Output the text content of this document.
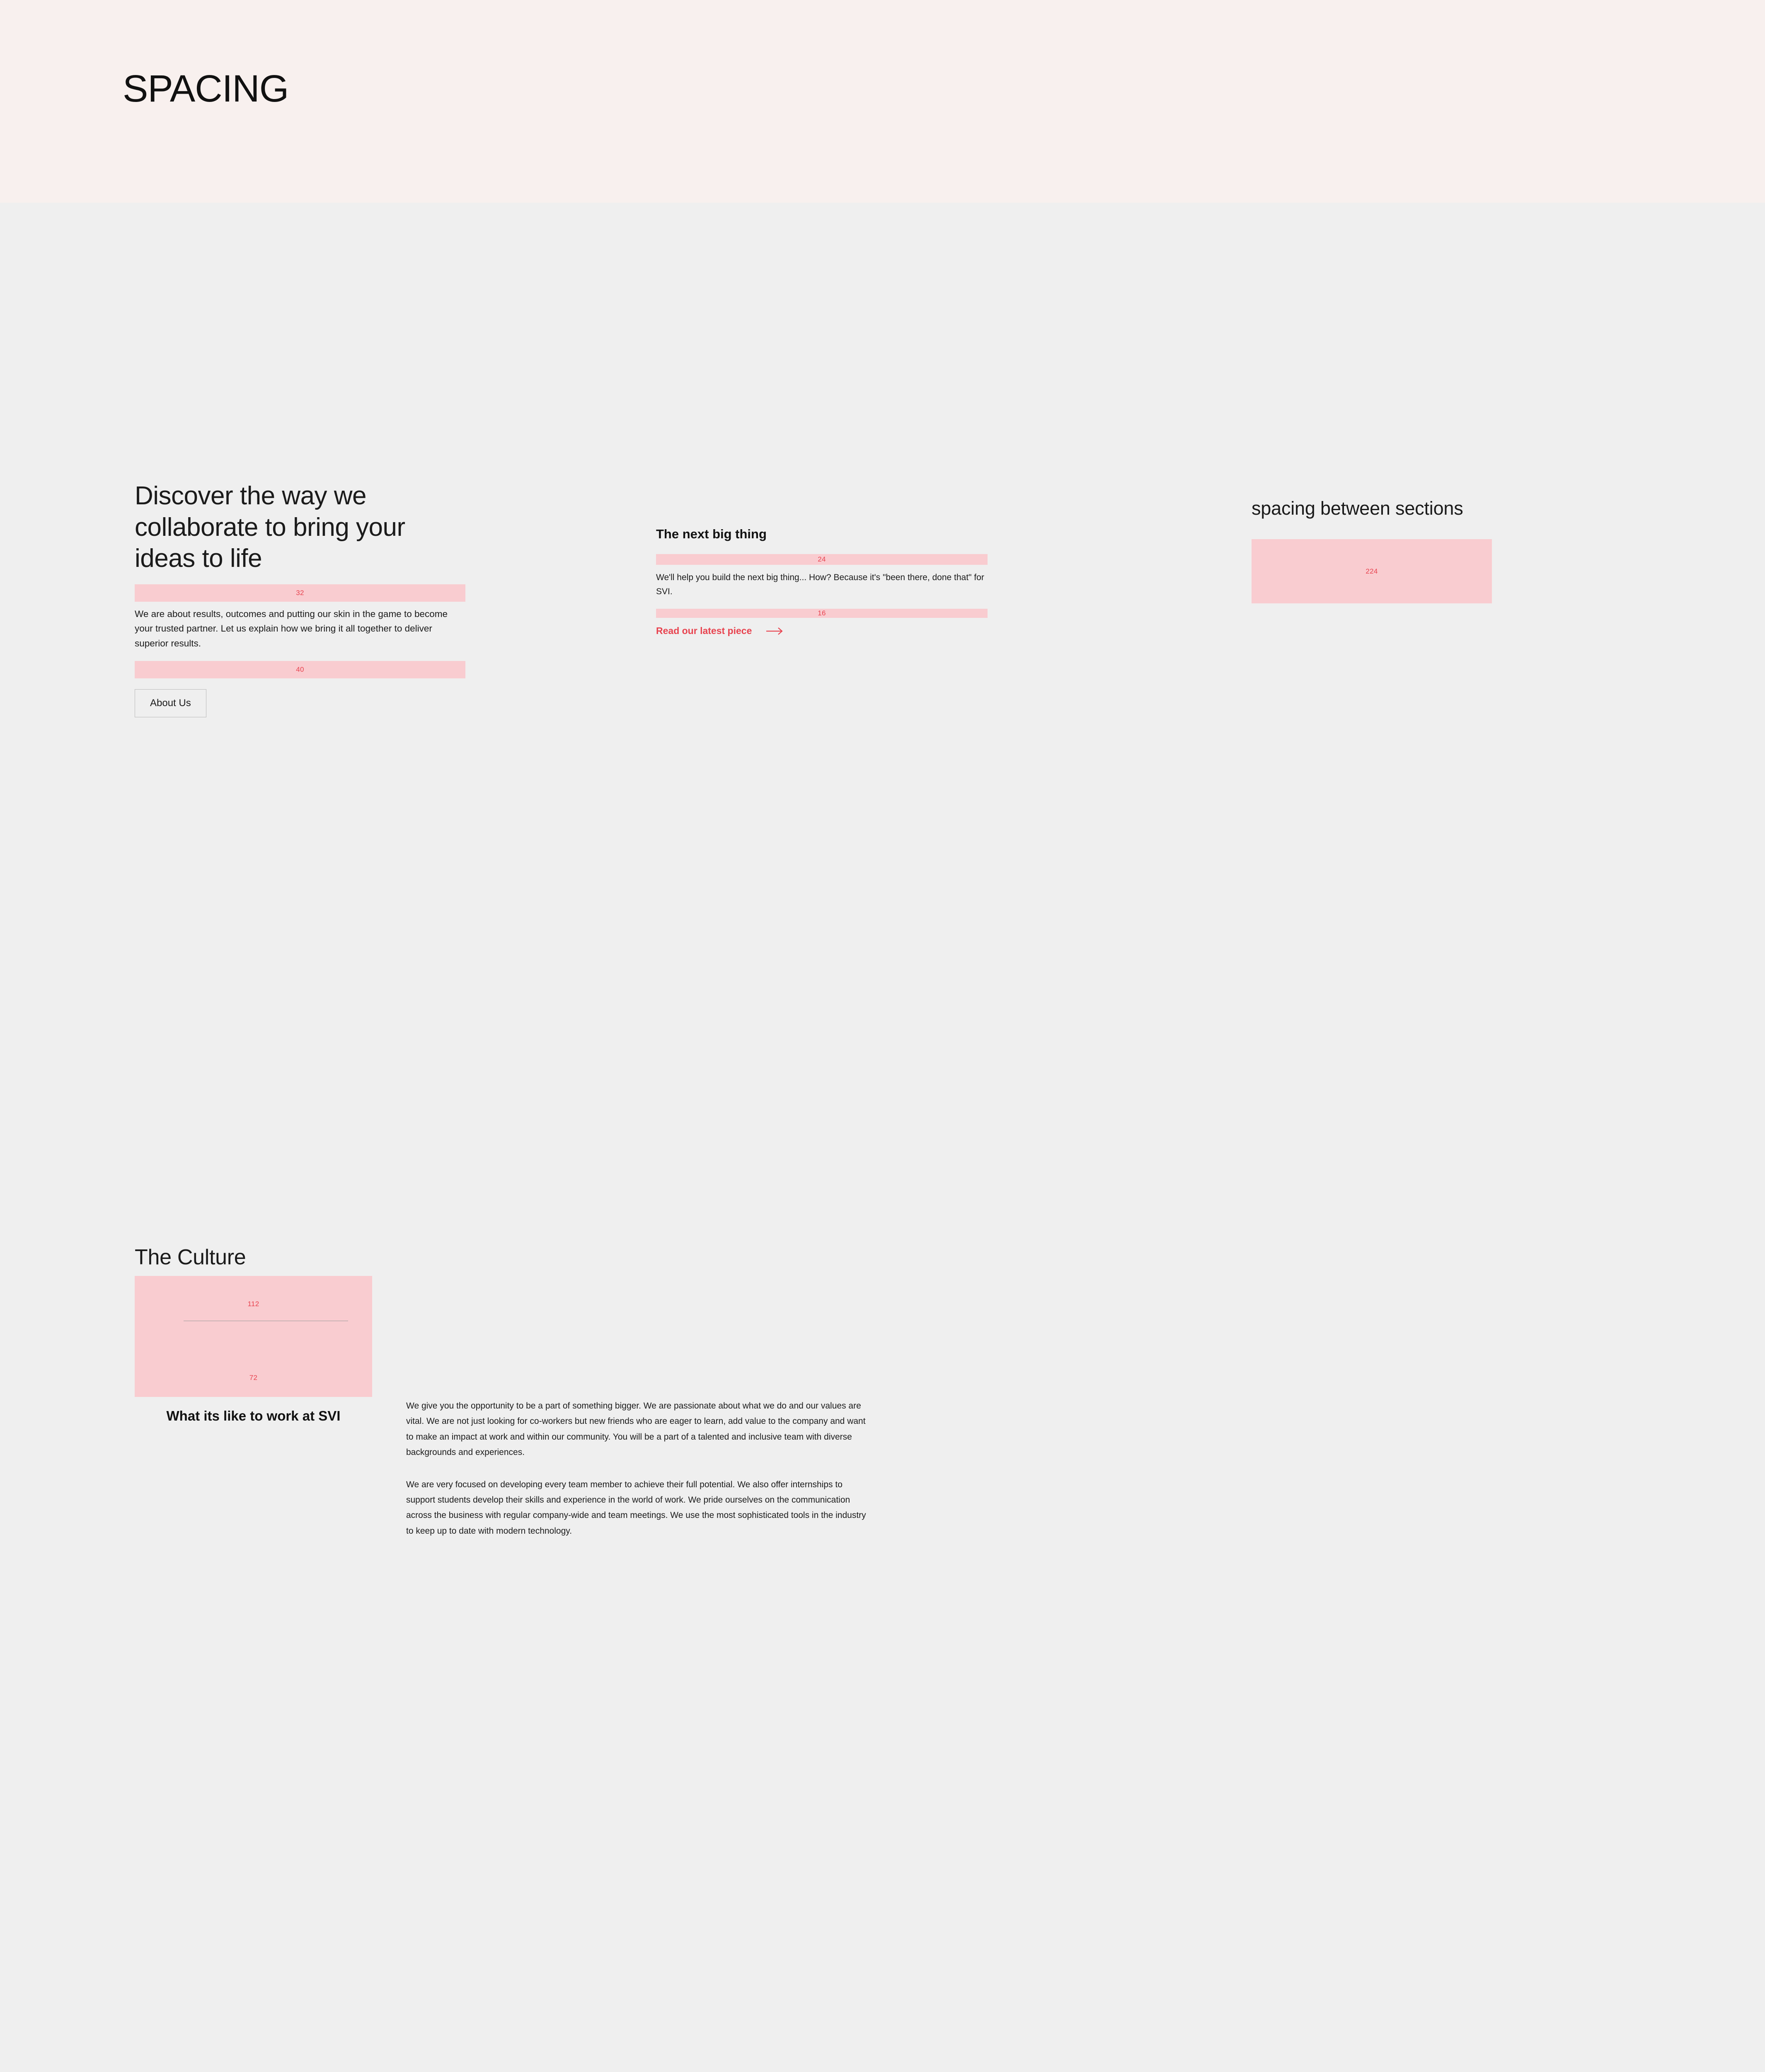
SPACING
Discover the way we collaborate to bring your ideas to life
32

We are about results, outcomes and putting our skin in the game to become your trusted partner. Let us explain how we bring it all together to deliver superior results.

40
About Us
The next big thing
24

We'll help you build the next big thing... How? Because it's "been there, done that" for SVI.

16
Read our latest piece
spacing between sections
224
The Culture
112
72
What its like to work at SVI

We give you the opportunity to be a part of something bigger. We are passionate about what we do and our values are vital. We are not just looking for co-workers but new friends who are eager to learn, add value to the company and want to make an impact at work and within our community. You will be a part of a talented and inclusive team with diverse backgrounds and experiences.

We are very focused on developing every team member to achieve their full potential. We also offer internships to support students develop their skills and experience in the world of work. We pride ourselves on the communication across the business with regular company-wide and team meetings. We use the most sophisticated tools in the industry to keep up to date with modern technology.
